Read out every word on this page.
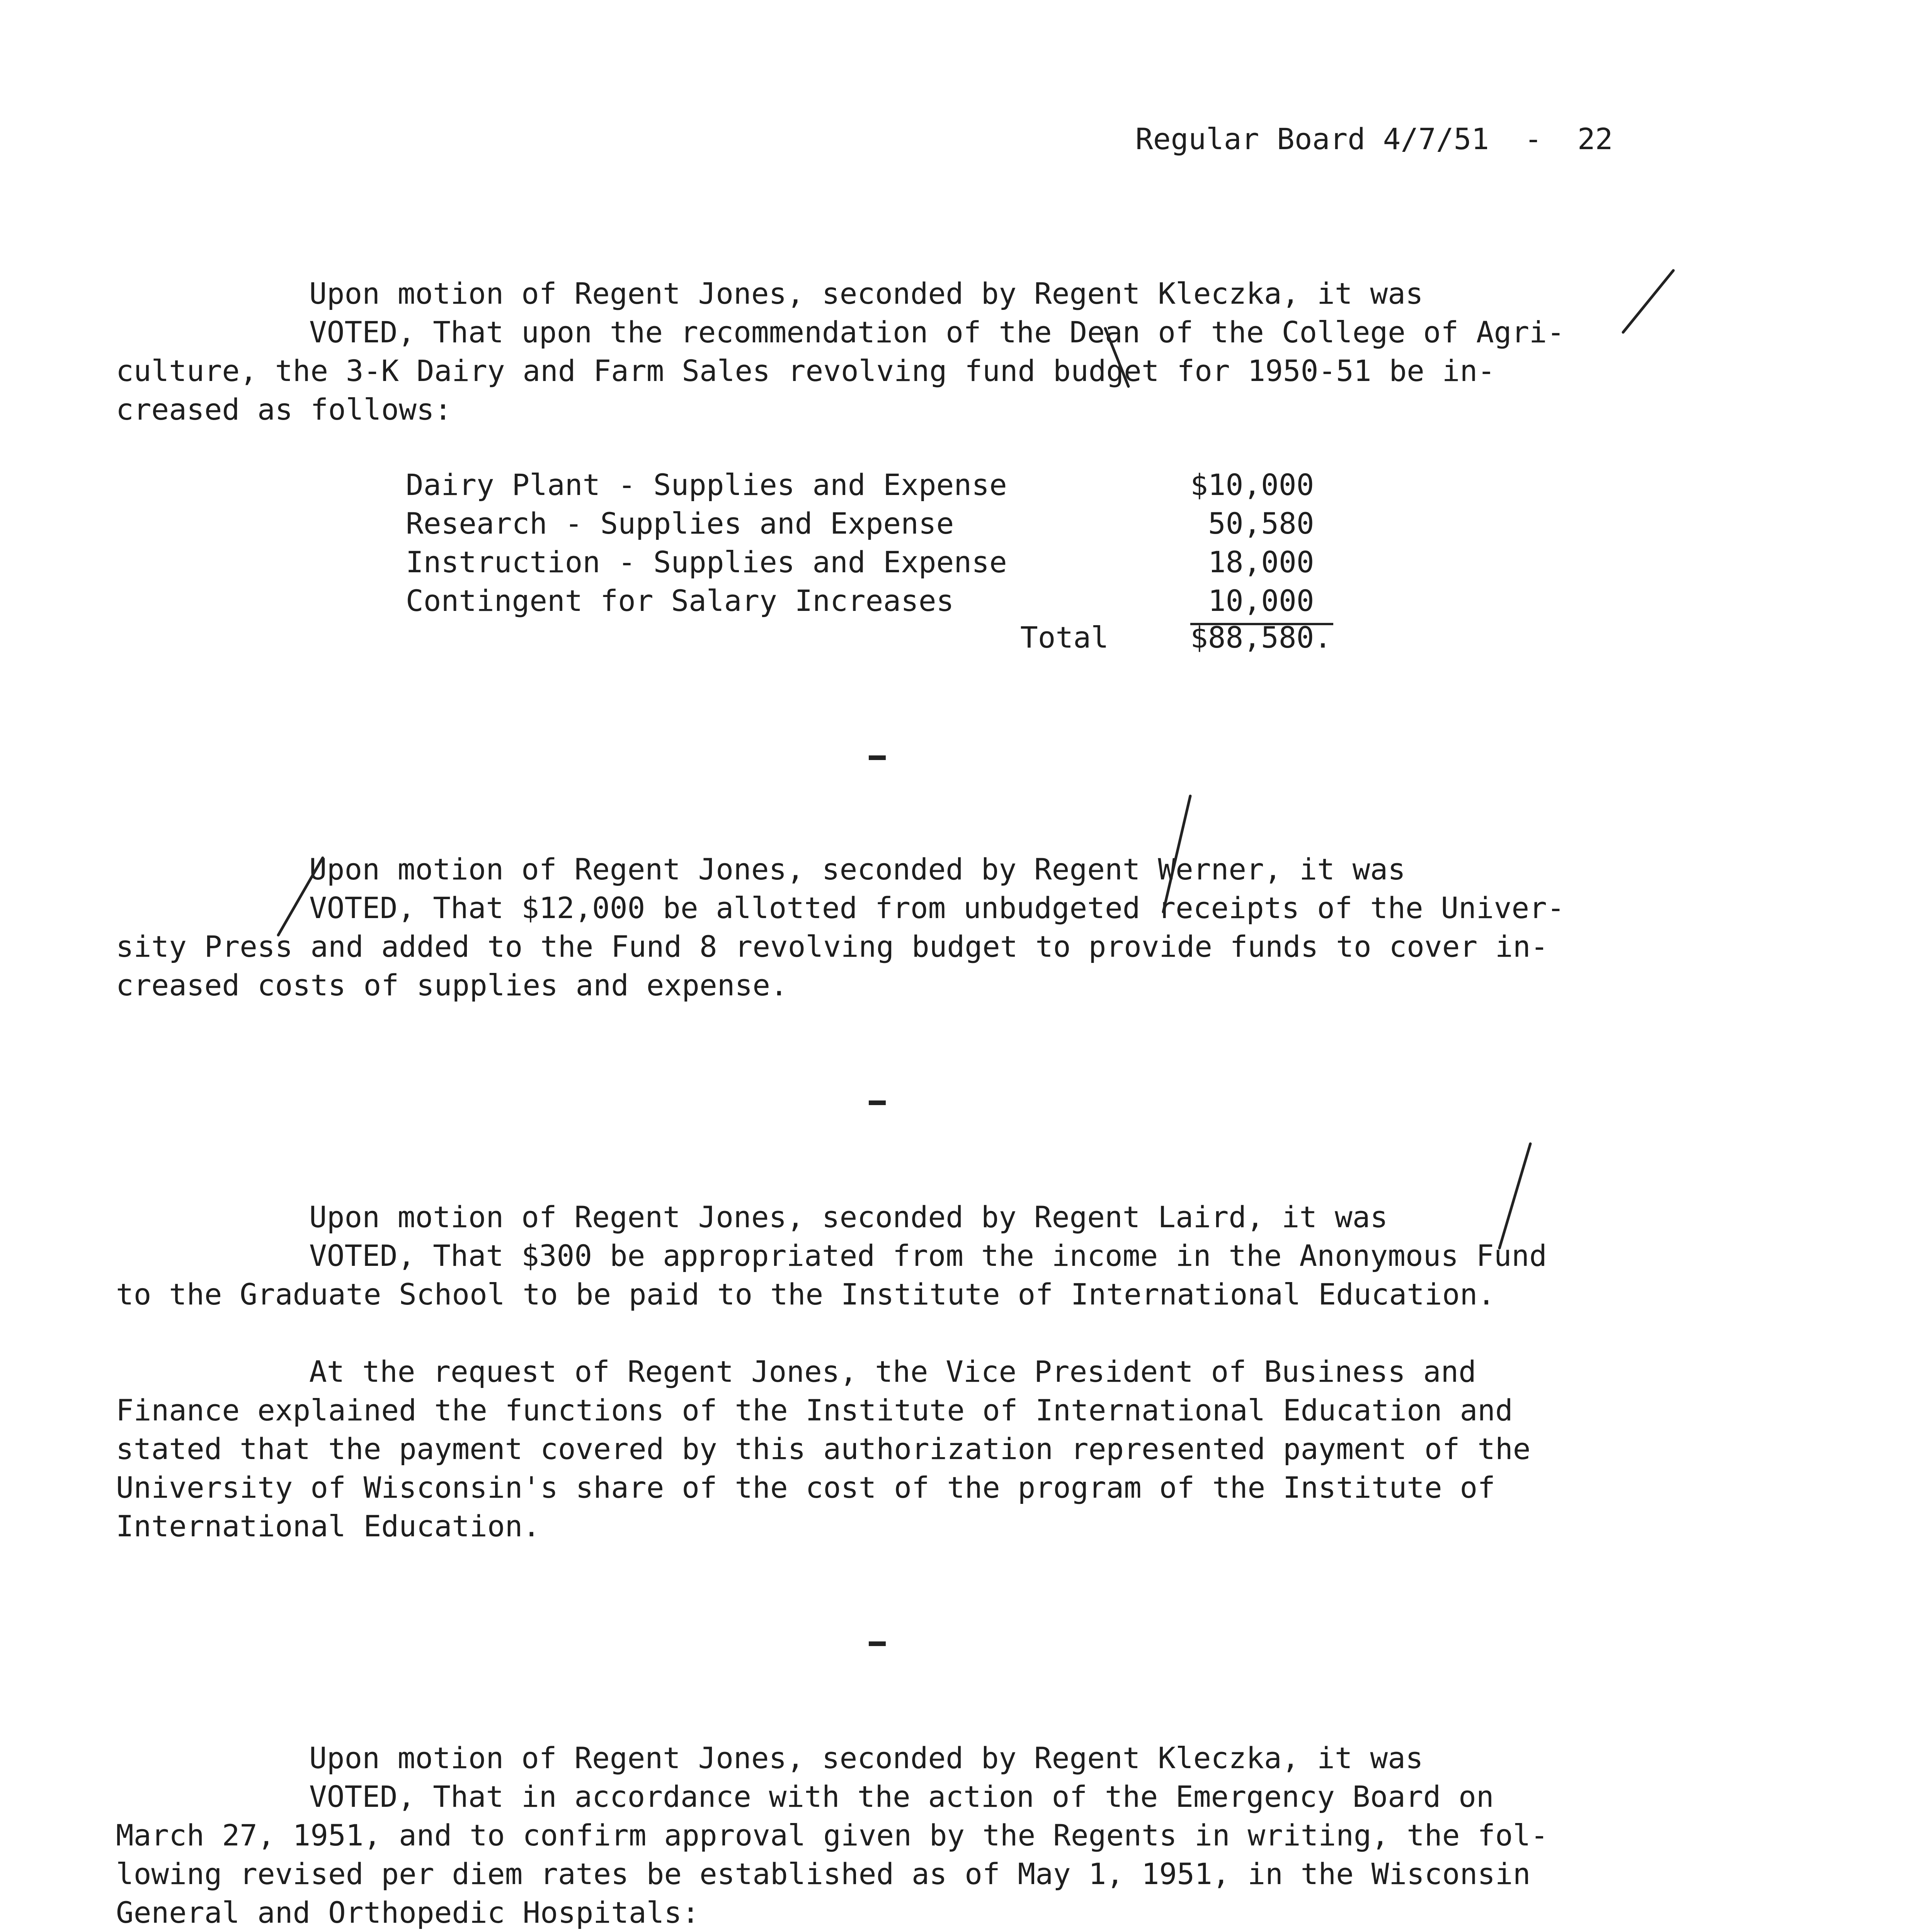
Regular Board 4/7/51  -  22
Upon motion of Regent Jones, seconded by Regent Kleczka, it was
VOTED, That upon the recommendation of the Dean of the College of Agri-
culture, the 3-K Dairy and Farm Sales revolving fund budget for 1950-51 be in-
creased as follows:
Dairy Plant - Supplies and Expense	$10,000
Research - Supplies and Expense	50,580
Instruction - Supplies and Expense	18,000
Contingent for Salary Increases	10,000
Total	$88,580.
Upon motion of Regent Jones, seconded by Regent Werner, it was
VOTED, That $12,000 be allotted from unbudgeted receipts of the Univer-
sity Press and added to the Fund 8 revolving budget to provide funds to cover in-
creased costs of supplies and expense.
Upon motion of Regent Jones, seconded by Regent Laird, it was
VOTED, That $300 be appropriated from the income in the Anonymous Fund
to the Graduate School to be paid to the Institute of International Education.
At the request of Regent Jones, the Vice President of Business and
Finance explained the functions of the Institute of International Education and
stated that the payment covered by this authorization represented payment of the
University of Wisconsin's share of the cost of the program of the Institute of
International Education.
Upon motion of Regent Jones, seconded by Regent Kleczka, it was
VOTED, That in accordance with the action of the Emergency Board on
March 27, 1951, and to confirm approval given by the Regents in writing, the fol-
lowing revised per diem rates be established as of May 1, 1951, in the Wisconsin
General and Orthopedic Hospitals:
